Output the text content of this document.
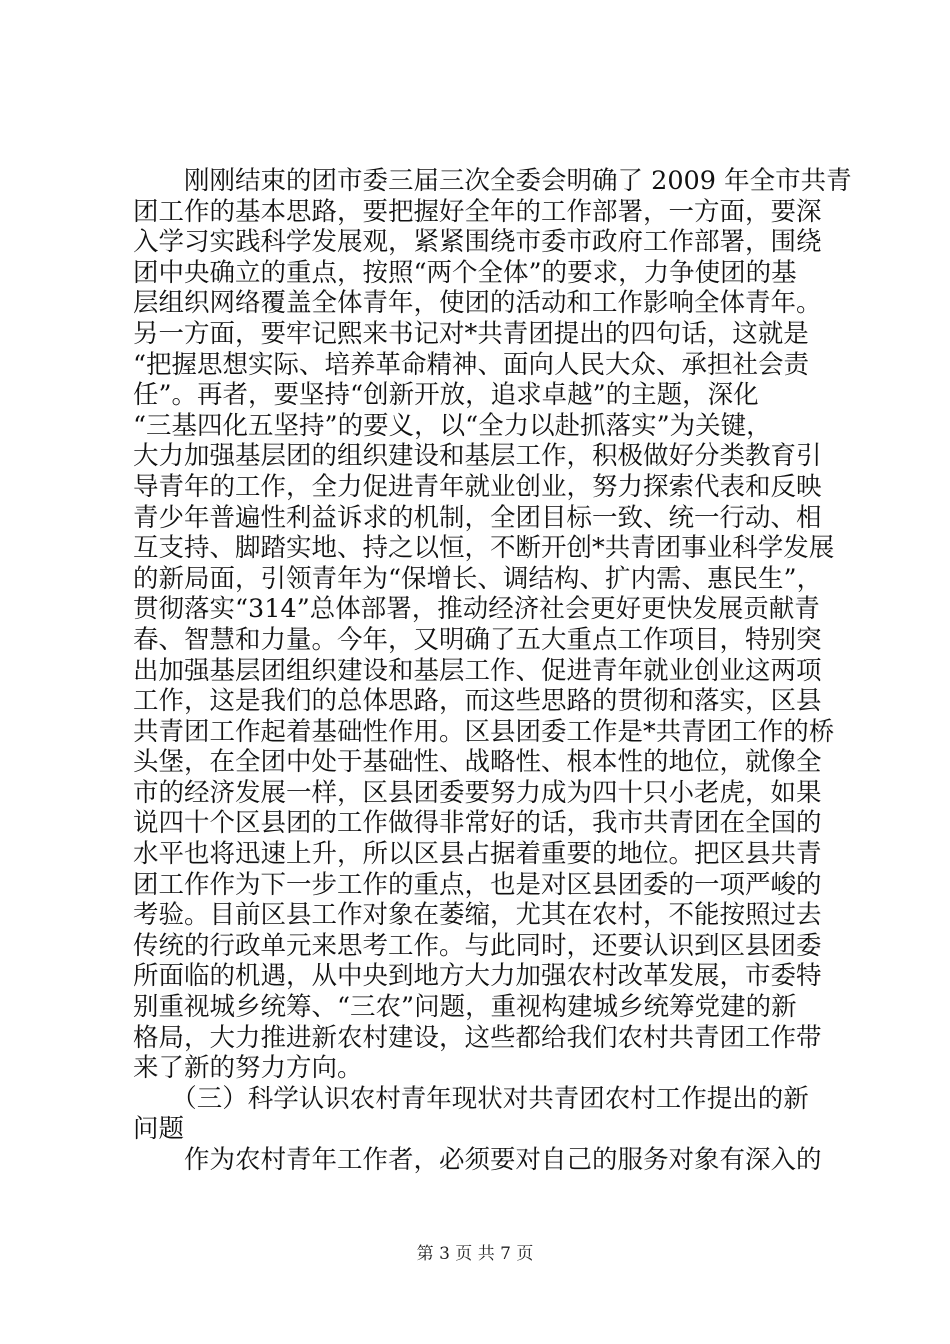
　　刚刚结束的团市委三届三次全委会明确了 2009 年全市共青
团工作的基本思路，要把握好全年的工作部署，一方面，要深
入学习实践科学发展观，紧紧围绕市委市政府工作部署，围绕
团中央确立的重点，按照“两个全体”的要求，力争使团的基
层组织网络覆盖全体青年，使团的活动和工作影响全体青年。
另一方面，要牢记熙来书记对*共青团提出的四句话，这就是
“把握思想实际、培养革命精神、面向人民大众、承担社会责
任”。再者，要坚持“创新开放，追求卓越”的主题，深化
“三基四化五坚持”的要义，以“全力以赴抓落实”为关键，
大力加强基层团的组织建设和基层工作，积极做好分类教育引
导青年的工作，全力促进青年就业创业，努力探索代表和反映
青少年普遍性利益诉求的机制，全团目标一致、统一行动、相
互支持、脚踏实地、持之以恒，不断开创*共青团事业科学发展
的新局面，引领青年为“保增长、调结构、扩内需、惠民生”，
贯彻落实“314”总体部署，推动经济社会更好更快发展贡献青
春、智慧和力量。今年，又明确了五大重点工作项目，特别突
出加强基层团组织建设和基层工作、促进青年就业创业这两项
工作，这是我们的总体思路，而这些思路的贯彻和落实，区县
共青团工作起着基础性作用。区县团委工作是*共青团工作的桥
头堡，在全团中处于基础性、战略性、根本性的地位，就像全
市的经济发展一样，区县团委要努力成为四十只小老虎，如果
说四十个区县团的工作做得非常好的话，我市共青团在全国的
水平也将迅速上升，所以区县占据着重要的地位。把区县共青
团工作作为下一步工作的重点，也是对区县团委的一项严峻的
考验。目前区县工作对象在萎缩，尤其在农村，不能按照过去
传统的行政单元来思考工作。与此同时，还要认识到区县团委
所面临的机遇，从中央到地方大力加强农村改革发展，市委特
别重视城乡统筹、“三农”问题，重视构建城乡统筹党建的新
格局，大力推进新农村建设，这些都给我们农村共青团工作带
来了新的努力方向。
　　（三）科学认识农村青年现状对共青团农村工作提出的新
问题
　　作为农村青年工作者，必须要对自己的服务对象有深入的
第 3 页 共 7 页
